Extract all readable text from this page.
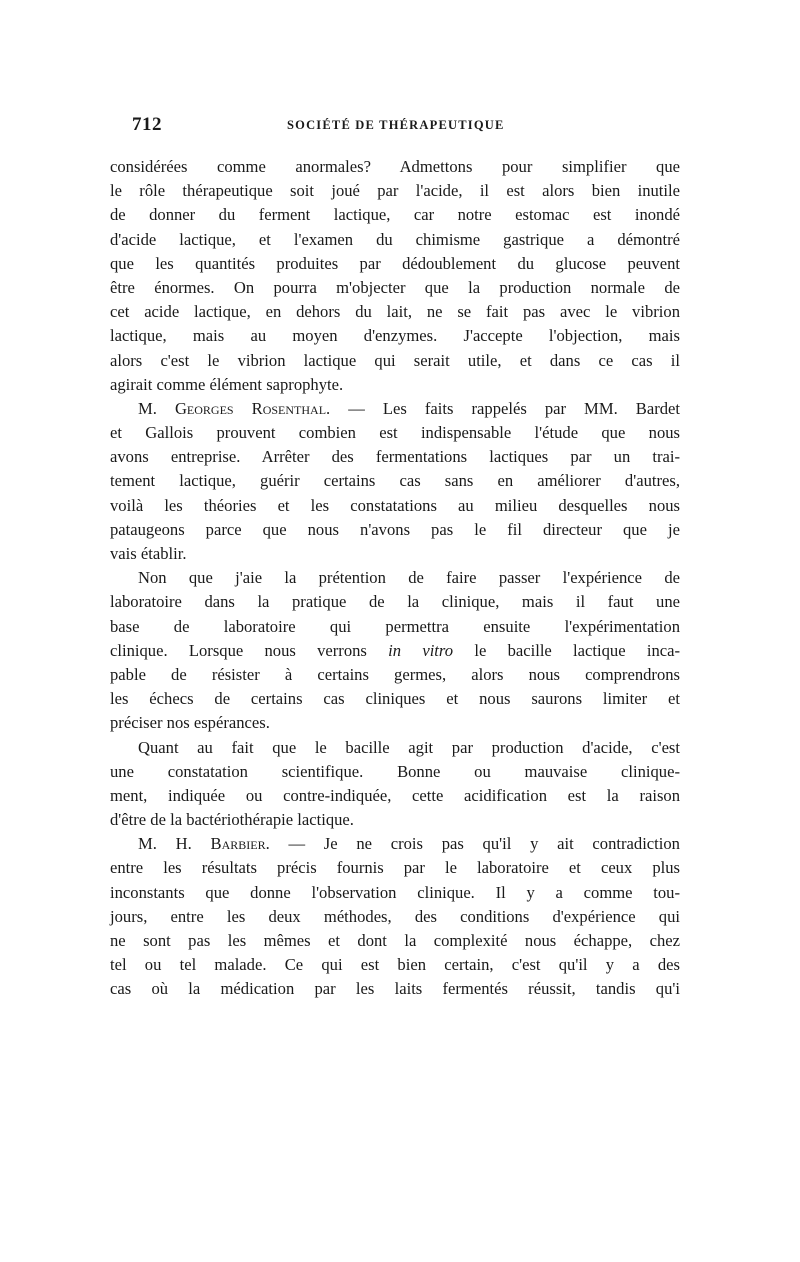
712	SOCIÉTÉ DE THÉRAPEUTIQUE
considérées comme anormales? Admettons pour simplifier que
le rôle thérapeutique soit joué par l'acide, il est alors bien inutile
de donner du ferment lactique, car notre estomac est inondé
d'acide lactique, et l'examen du chimisme gastrique a démontré
que les quantités produites par dédoublement du glucose peuvent
être énormes. On pourra m'objecter que la production normale de
cet acide lactique, en dehors du lait, ne se fait pas avec le vibrion
lactique, mais au moyen d'enzymes. J'accepte l'objection, mais
alors c'est le vibrion lactique qui serait utile, et dans ce cas il
agirait comme élément saprophyte.
M. Georges Rosenthal. — Les faits rappelés par MM. Bardet
et Gallois prouvent combien est indispensable l'étude que nous
avons entreprise. Arrêter des fermentations lactiques par un trai-
tement lactique, guérir certains cas sans en améliorer d'autres,
voilà les théories et les constatations au milieu desquelles nous
pataugeons parce que nous n'avons pas le fil directeur que je
vais établir.
Non que j'aie la prétention de faire passer l'expérience de
laboratoire dans la pratique de la clinique, mais il faut une
base de laboratoire qui permettra ensuite l'expérimentation
clinique. Lorsque nous verrons in vitro le bacille lactique inca-
pable de résister à certains germes, alors nous comprendrons
les échecs de certains cas cliniques et nous saurons limiter et
préciser nos espérances.
Quant au fait que le bacille agit par production d'acide, c'est
une constatation scientifique. Bonne ou mauvaise clinique-
ment, indiquée ou contre-indiquée, cette acidification est la raison
d'être de la bactériothérapie lactique.
M. H. Barbier. — Je ne crois pas qu'il y ait contradiction
entre les résultats précis fournis par le laboratoire et ceux plus
inconstants que donne l'observation clinique. Il y a comme tou-
jours, entre les deux méthodes, des conditions d'expérience qui
ne sont pas les mêmes et dont la complexité nous échappe, chez
tel ou tel malade. Ce qui est bien certain, c'est qu'il y a des
cas où la médication par les laits fermentés réussit, tandis qu'i
